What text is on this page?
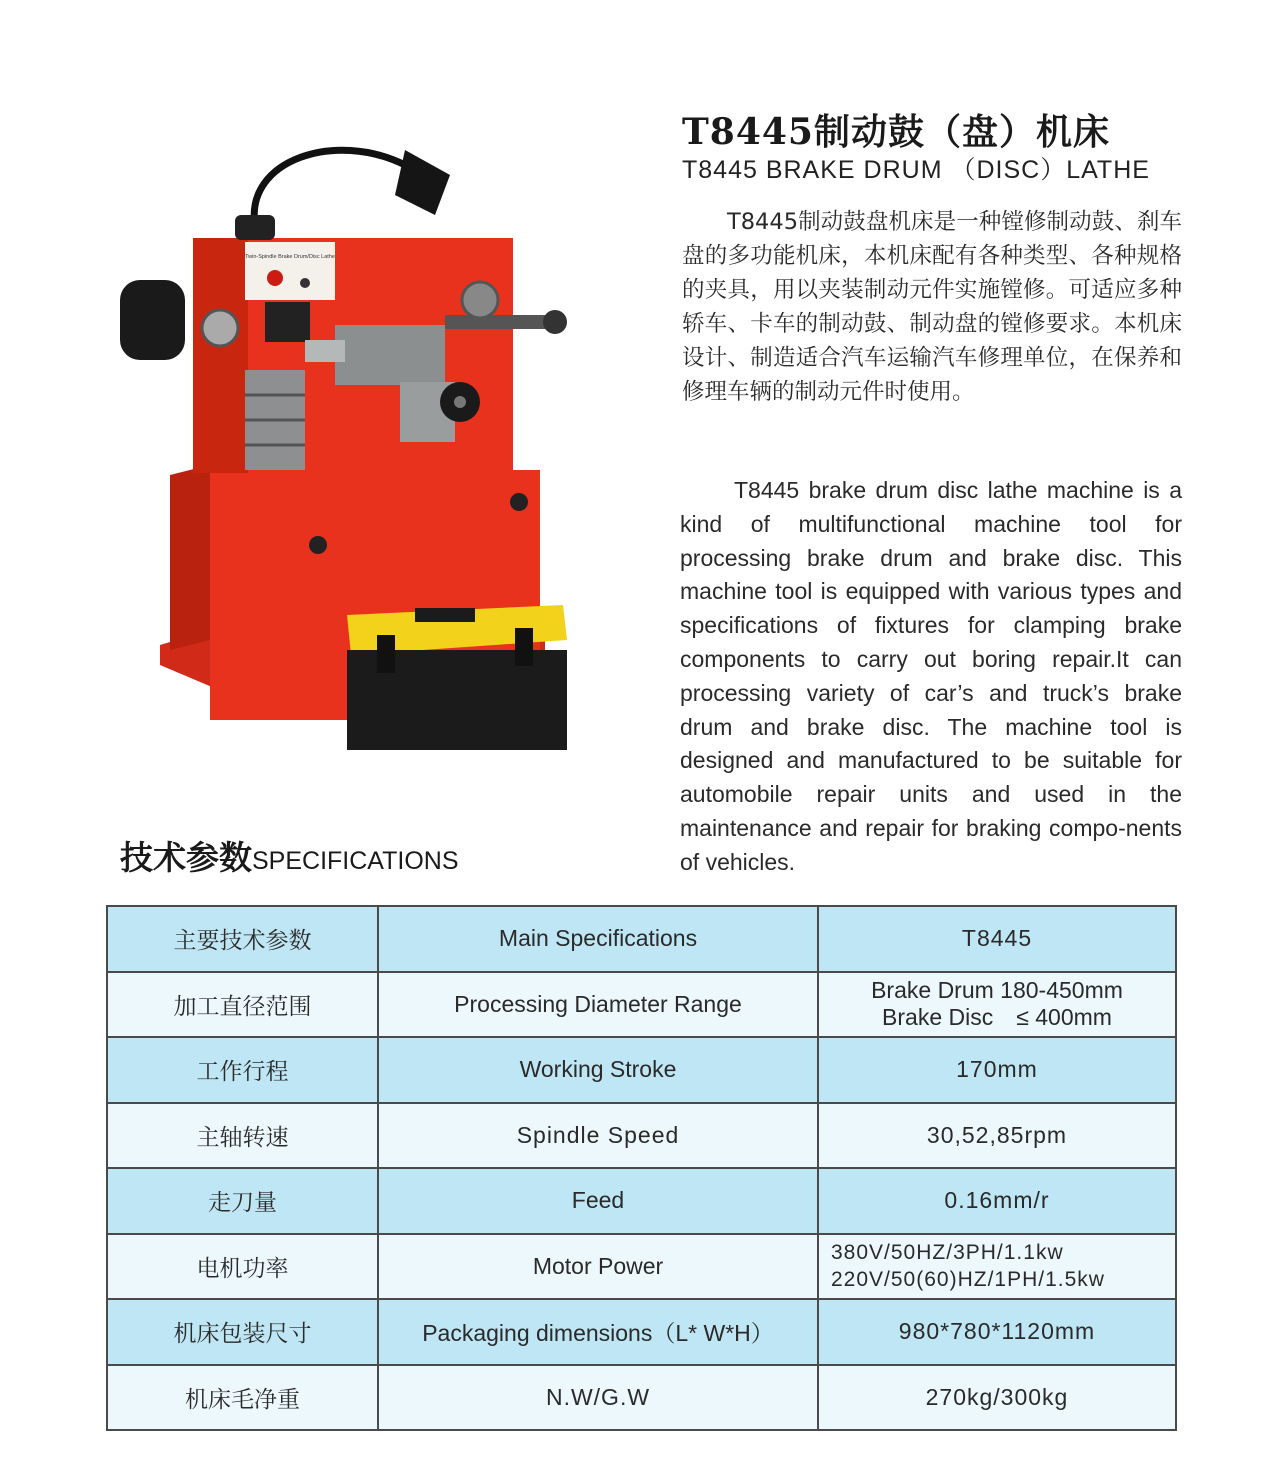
Twin-Spindle Brake Drum/Disc Lathe
T8445制动鼓（盘）机床
T8445 BRAKE DRUM （DISC）LATHE
T8445制动鼓盘机床是一种镗修制动鼓、刹车盘的多功能机床，本机床配有各种类型、各种规格的夹具，用以夹装制动元件实施镗修。可适应多种轿车、卡车的制动鼓、制动盘的镗修要求。本机床设计、制造适合汽车运输汽车修理单位，在保养和修理车辆的制动元件时使用。
T8445 brake drum disc lathe machine is a kind of multifunctional machine tool for processing brake drum and brake disc. This machine tool is equipped with various types and specifications of fixtures for clamping brake components to carry out boring repair.It can processing variety of car’s and truck’s brake drum and brake disc. The machine tool is designed and manufactured to be suitable for automobile repair units and used in the maintenance and repair for braking compo-nents of vehicles.
技术参数SPECIFICATIONS
主要技术参数	Main Specifications	T8445

加工直径范围	Processing Diameter Range	Brake Drum 180-450mm
Brake Disc　≤ 400mm

工作行程	Working Stroke	170mm

主轴转速	Spindle Speed	30,52,85rpm

走刀量	Feed	0.16mm/r

电机功率	Motor Power	380V/50HZ/3PH/1.1kw
220V/50(60)HZ/1PH/1.5kw

机床包装尺寸	Packaging dimensions（L* W*H）	980*780*1120mm

机床毛净重	N.W/G.W	270kg/300kg
